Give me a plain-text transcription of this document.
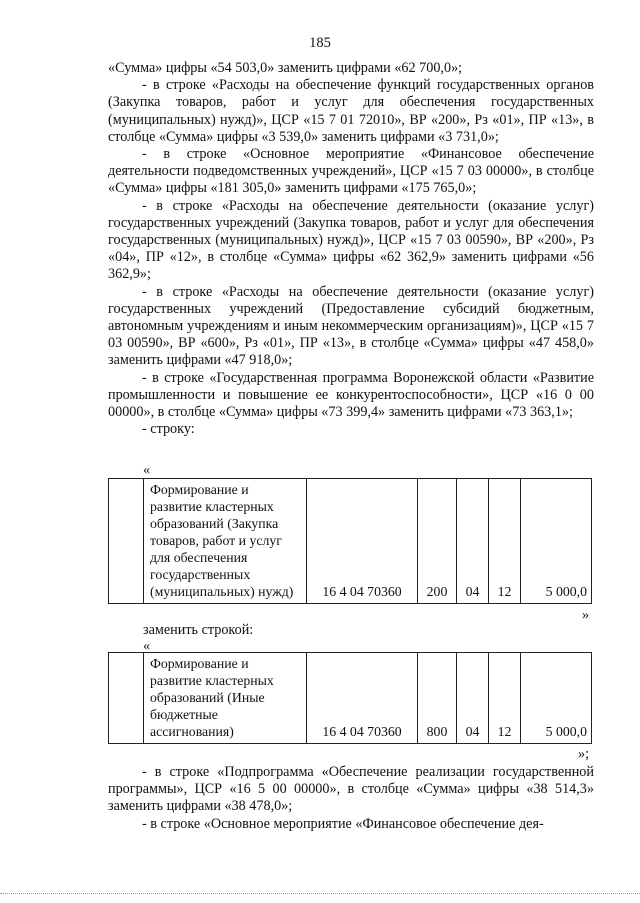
185

«Сумма» цифры «54 503,0» заменить цифрами «62 700,0»;

- в строке «Расходы на обеспечение функций государственных органов (Закупка товаров, работ и услуг для обеспечения государственных (муниципальных) нужд)», ЦСР «15 7 01 72010», ВР «200», Рз «01», ПР «13», в столбце «Сумма» цифры «3 539,0» заменить цифрами «3 731,0»;

- в строке «Основное мероприятие «Финансовое обеспечение деятельности подведомственных учреждений», ЦСР «15 7 03 00000», в столбце «Сумма» цифры «181 305,0» заменить цифрами «175 765,0»;

- в строке «Расходы на обеспечение деятельности (оказание услуг) государственных учреждений (Закупка товаров, работ и услуг для обеспечения государственных (муниципальных) нужд)», ЦСР «15 7 03 00590», ВР «200», Рз «04», ПР «12», в столбце «Сумма» цифры «62 362,9» заменить цифрами «56 362,9»;

- в строке «Расходы на обеспечение деятельности (оказание услуг) государственных учреждений (Предоставление субсидий бюджетным, автономным учреждениям и иным некоммерческим организациям)», ЦСР «15 7 03 00590», ВР «600», Рз «01», ПР «13», в столбце «Сумма» цифры «47 458,0» заменить цифрами «47 918,0»;

- в строке «Государственная программа Воронежской области «Развитие промышленности и повышение ее конкурентоспособности», ЦСР «16 0 00 00000», в столбце «Сумма» цифры «73 399,4» заменить цифрами «73 363,1»;

- строку:

«
	Формирование и развитие кластерных образований (Закупка товаров, работ и услуг для обеспечения государственных (муниципальных) нужд)	16 4 04 70360	200	04	12	5 000,0
»
заменить строкой:
«
	Формирование и развитие кластерных образований (Иные бюджетные ассигнования)	16 4 04 70360	800	04	12	5 000,0
»;

- в строке «Подпрограмма «Обеспечение реализации государственной программы», ЦСР «16 5 00 00000», в столбце «Сумма» цифры «38 514,3» заменить цифрами «38 478,0»;

- в строке «Основное мероприятие «Финансовое обеспечение дея-
